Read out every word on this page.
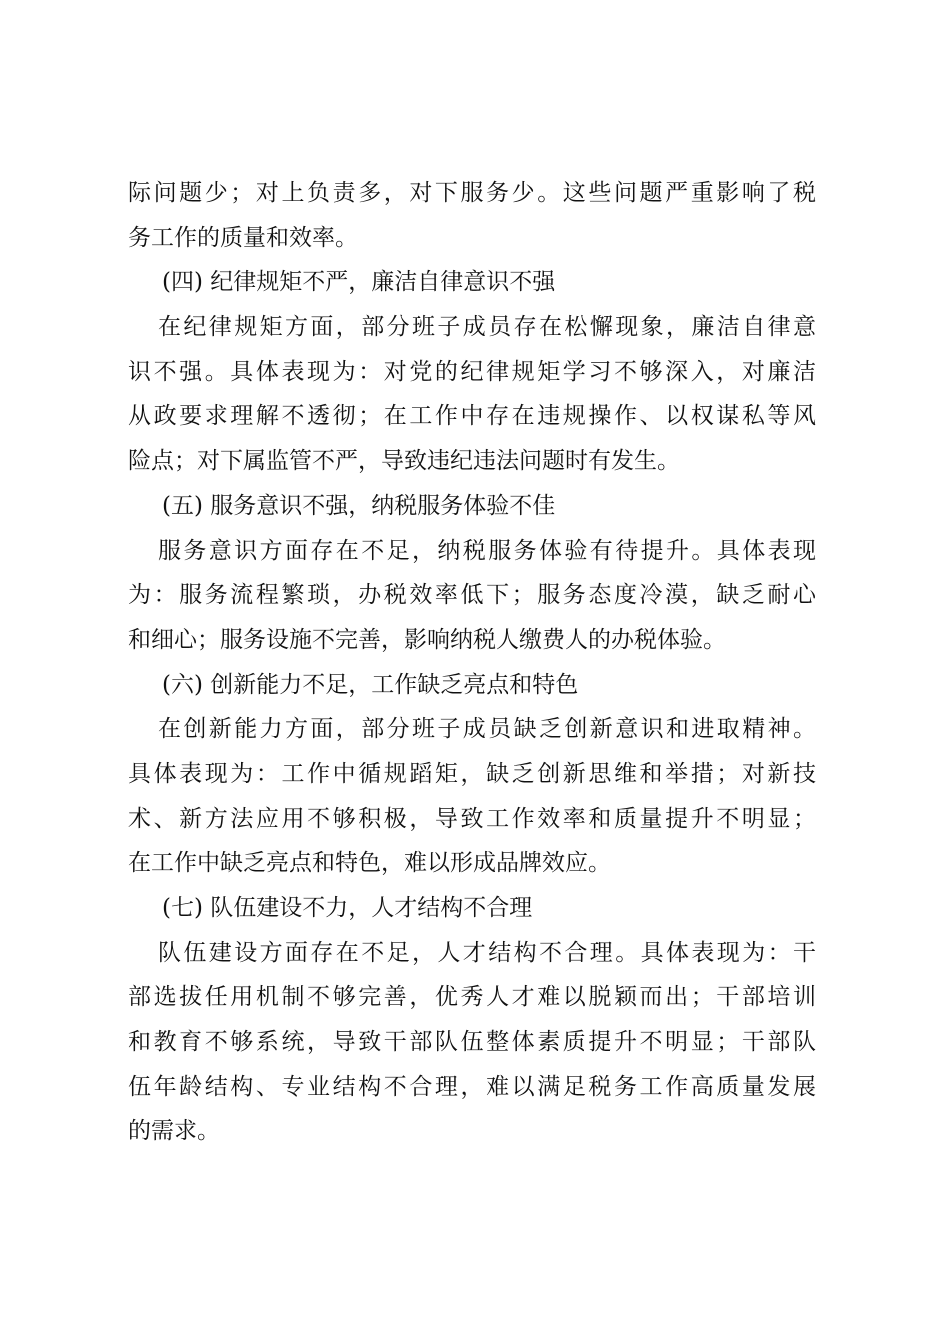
际问题少；对上负责多，对下服务少。这些问题严重影响了税
务工作的质量和效率。
(四) 纪律规矩不严，廉洁自律意识不强
在纪律规矩方面，部分班子成员存在松懈现象，廉洁自律意
识不强。具体表现为：对党的纪律规矩学习不够深入，对廉洁
从政要求理解不透彻；在工作中存在违规操作、以权谋私等风
险点；对下属监管不严，导致违纪违法问题时有发生。
(五) 服务意识不强，纳税服务体验不佳
服务意识方面存在不足，纳税服务体验有待提升。具体表现
为：服务流程繁琐，办税效率低下；服务态度冷漠，缺乏耐心
和细心；服务设施不完善，影响纳税人缴费人的办税体验。
(六) 创新能力不足，工作缺乏亮点和特色
在创新能力方面，部分班子成员缺乏创新意识和进取精神。
具体表现为：工作中循规蹈矩，缺乏创新思维和举措；对新技
术、新方法应用不够积极，导致工作效率和质量提升不明显；
在工作中缺乏亮点和特色，难以形成品牌效应。
(七) 队伍建设不力，人才结构不合理
队伍建设方面存在不足，人才结构不合理。具体表现为：干
部选拔任用机制不够完善，优秀人才难以脱颖而出；干部培训
和教育不够系统，导致干部队伍整体素质提升不明显；干部队
伍年龄结构、专业结构不合理，难以满足税务工作高质量发展
的需求。
